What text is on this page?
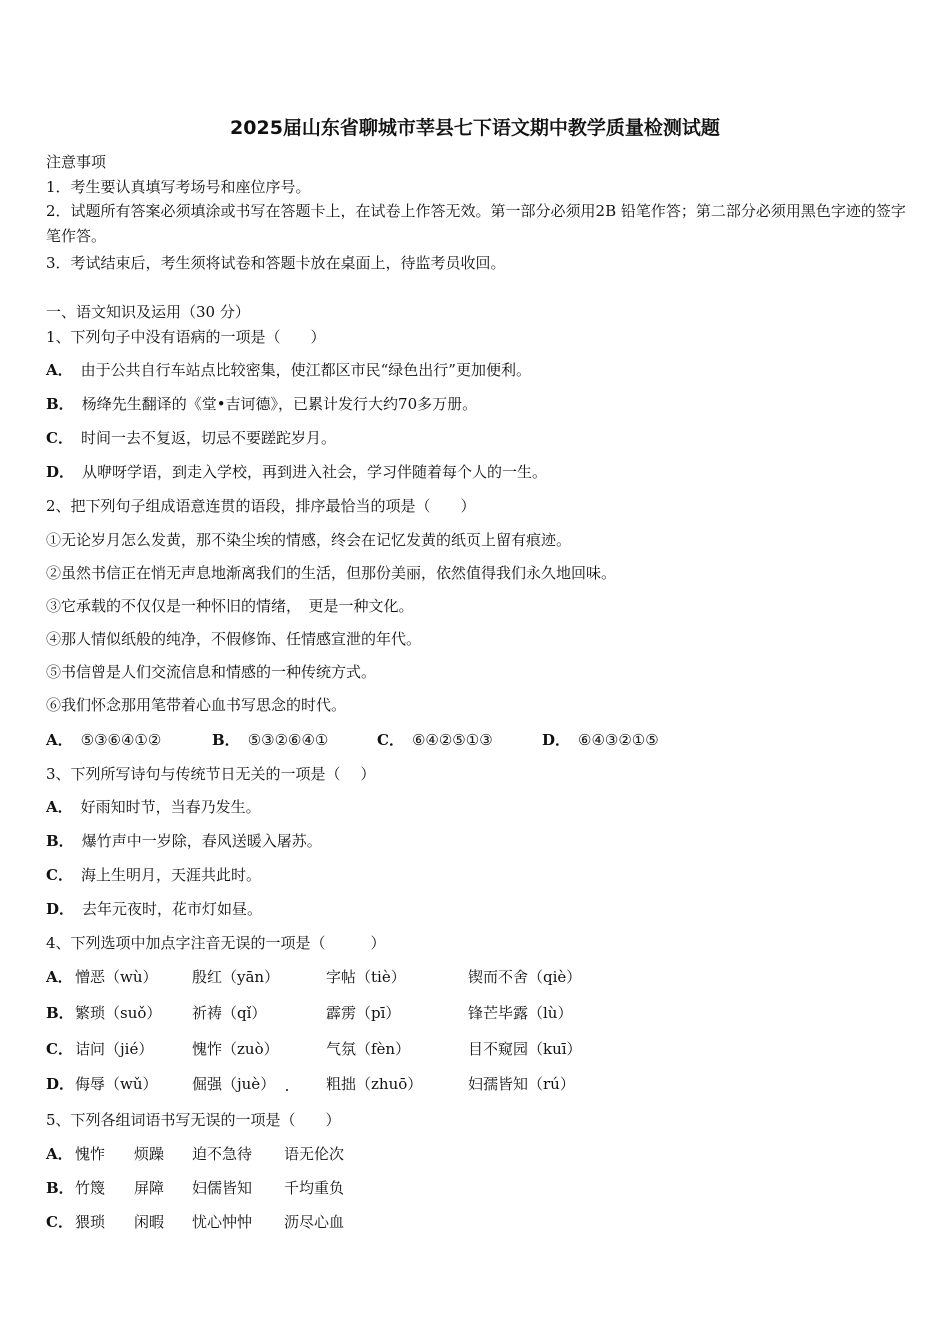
2025届山东省聊城市莘县七下语文期中教学质量检测试题
注意事项
1．考生要认真填写考场号和座位序号。
2．试题所有答案必须填涂或书写在答题卡上，在试卷上作答无效。第一部分必须用2B 铅笔作答；第二部分必须用黑色字迹的签字笔作答。
3．考试结束后，考生须将试卷和答题卡放在桌面上，待监考员收回。
一、语文知识及运用（30 分）
1、下列句子中没有语病的一项是（　　）
A． 由于公共自行车站点比较密集，使江都区市民“绿色出行”更加便利。
B． 杨绛先生翻译的《堂•吉诃德》，已累计发行大约70多万册。
C． 时间一去不复返，切忌不要蹉跎岁月。
D． 从咿呀学语，到走入学校，再到进入社会，学习伴随着每个人的一生。
2、把下列句子组成语意连贯的语段，排序最恰当的项是（　　）
①无论岁月怎么发黄，那不染尘埃的情感，终会在记忆发黄的纸页上留有痕迹。
②虽然书信正在悄无声息地渐离我们的生活，但那份美丽，依然值得我们永久地回味。
③它承载的不仅仅是一种怀旧的情绪，　更是一种文化。
④那人情似纸般的纯净，不假修饰、任情感宣泄的年代。
⑤书信曾是人们交流信息和情感的一种传统方式。
⑥我们怀念那用笔带着心血书写思念的时代。
A． ⑤③⑥④①②	B． ⑤③②⑥④①	C． ⑥④②⑤①③	D． ⑥④③②①⑤
3、下列所写诗句与传统节日无关的一项是（　 ）
A． 好雨知时节，当春乃发生。
B． 爆竹声中一岁除，春风送暖入屠苏。
C． 海上生明月，天涯共此时。
D． 去年元夜时，花市灯如昼。
4、下列选项中加点字注音无误的一项是（　　　）
A． 憎恶（wù） 殷红（yān）	字帖（tiè）	锲而不舍（qiè）
B． 繁琐（suǒ） 祈祷（qǐ）	霹雳（pī）	锋芒毕露（lù）
C． 诘问（jié）	愧怍（zuò）	气氛（fèn）	目不窥园（kuī）
D． 侮辱（wǔ） 倔强（juè）	粗拙（zhuō）	妇孺皆知（rú）
5、下列各组词语书写无误的一项是（　　）
A． 愧怍 烦躁 迫不急待 语无伦次
B． 竹篾 屏障 妇儒皆知 千均重负
C． 猥琐 闲暇 忧心忡忡 沥尽心血
